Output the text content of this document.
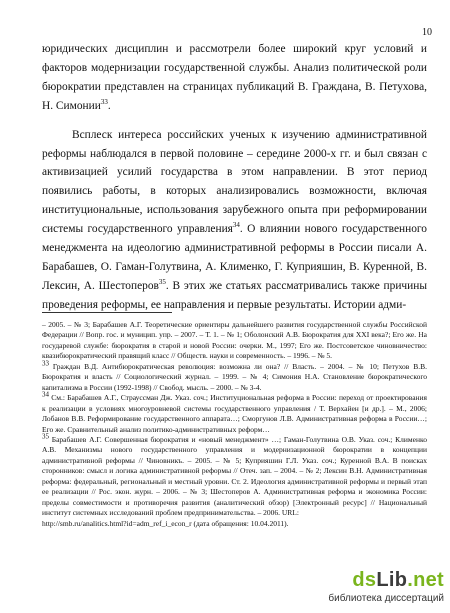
10

юридических дисциплин и рассмотрели более широкий круг условий и факторов модернизации государственной службы. Анализ политической роли бюрократии представлен на страницах публикаций В. Граждана, В. Петухова, Н. Симонии$^{33}$.

Всплеск интереса российских ученых к изучению административной реформы наблюдался в первой половине – середине 2000-х гг. и был связан с активизацией усилий государства в этом направлении. В этот период появились работы, в которых анализировались возможности, включая институциональные, использования зарубежного опыта при реформировании системы государственного управления$^{34}$. О влиянии нового государственного менеджмента на идеологию административной реформы в России писали А. Барабашев, О. Гаман-Голутвина, А. Клименко, Г. Куприяшин, В. Куренной, В. Лексин, А. Шестоперов$^{35}$. В этих же статьях рассматривались также причины проведения реформы, ее направления и первые результаты. Истории адми-

– 2005. – № 3; Барабашев А.Г. Теоретические ориентиры дальнейшего развития государственной службы Российской Федерации // Вопр. гос. и муницип. упр. – 2007. – Т. 1. – № 1; Оболонский А.В. Бюрократия для XXI века?; Его же. На государевой службе: бюрократия в старой и новой России: очерки. М., 1997; Его же. Постсоветское чиновничество: квазибюрократический правящий класс // Обществ. науки и современность. – 1996. – № 5.

$^{33}$ Граждан В.Д. Антибюрократическая революция: возможна ли она? // Власть. – 2004. – № 10; Петухов В.В. Бюрократия и власть // Социологический журнал. – 1999. – № 4; Симония Н.А. Становление бюрократического капитализма в России (1992-1998) // Свобод. мысль. – 2000. – № 3-4.

$^{34}$ См.: Барабашев А.Г., Страуссман Дж. Указ. соч.; Институциональная реформа в России: переход от проектирования к реализации в условиях многоуровневой системы государственного управления / Т. Верхайен [и др.]. – М., 2006; Лобанов В.В. Реформирование государственного аппарата…; Сморгунов Л.В. Административная реформа в России…; Его же. Сравнительный анализ политико-административных реформ…

$^{35}$ Барабашев А.Г. Совершенная бюрократия и «новый менеджмент» …; Гаман-Голутвина О.В. Указ. соч.; Клименко А.В. Механизмы нового государственного управления и модернизационной бюрократии в концепции административной реформы // Чиновникъ. – 2005. – № 5; Куприяшин Г.Л. Указ. соч.; Куренной В.А. В поисках сторонников: смысл и логика административной реформы // Отеч. зап. – 2004. – № 2; Лексин В.Н. Административная реформа: федеральный, региональный и местный уровни. Ст. 2. Идеология административной реформы и первый этап ее реализации // Рос. экон. журн. – 2006. – № 3; Шестоперов А. Административная реформа и экономика России: пределы совместимости и противоречия развития (аналитический обзор) [Электронный ресурс] // Национальный институт системных исследований проблем предпринимательства. – 2006. URL:

http://smb.ru/analitics.html?id=adm_ref_i_econ_r (дата обращения: 10.04.2011).

dsLib.net
библиотека диссертаций
